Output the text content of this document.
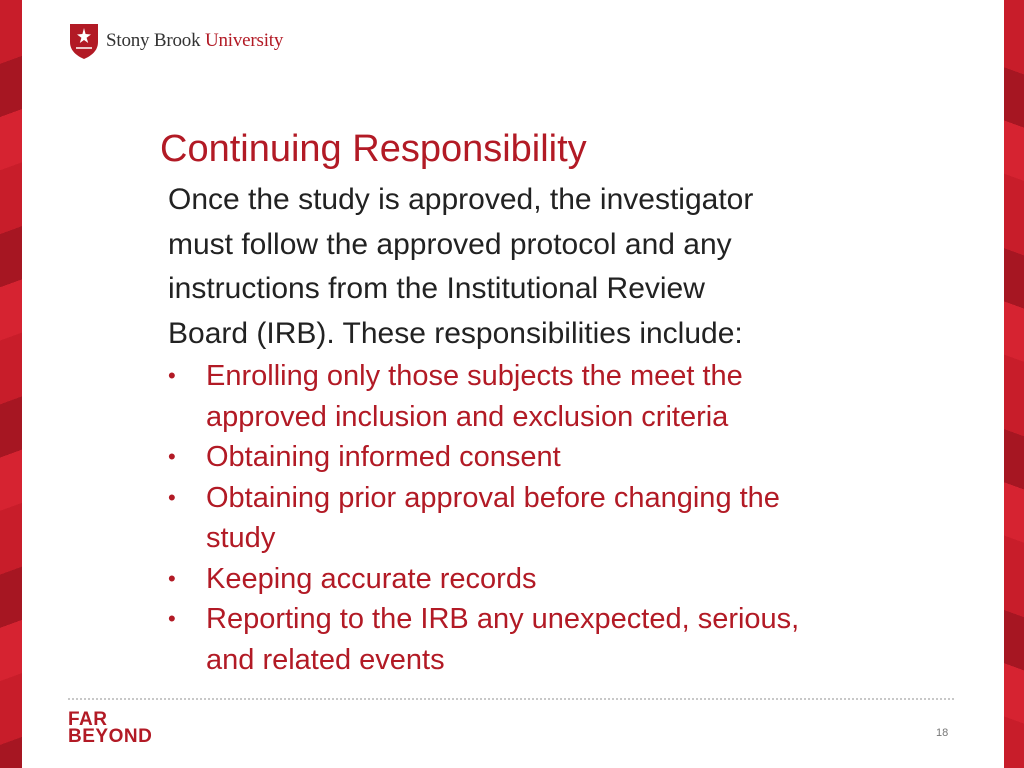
Stony Brook University
Continuing Responsibility
Once the study is approved, the investigator
must follow the approved protocol and any
instructions from the Institutional Review
Board (IRB). These responsibilities include:
• Enrolling only those subjects the meet the
approved inclusion and exclusion criteria
• Obtaining informed consent
• Obtaining prior approval before changing the
study
• Keeping accurate records
• Reporting to the IRB any unexpected, serious,
and related events
FAR
BEYOND	18
